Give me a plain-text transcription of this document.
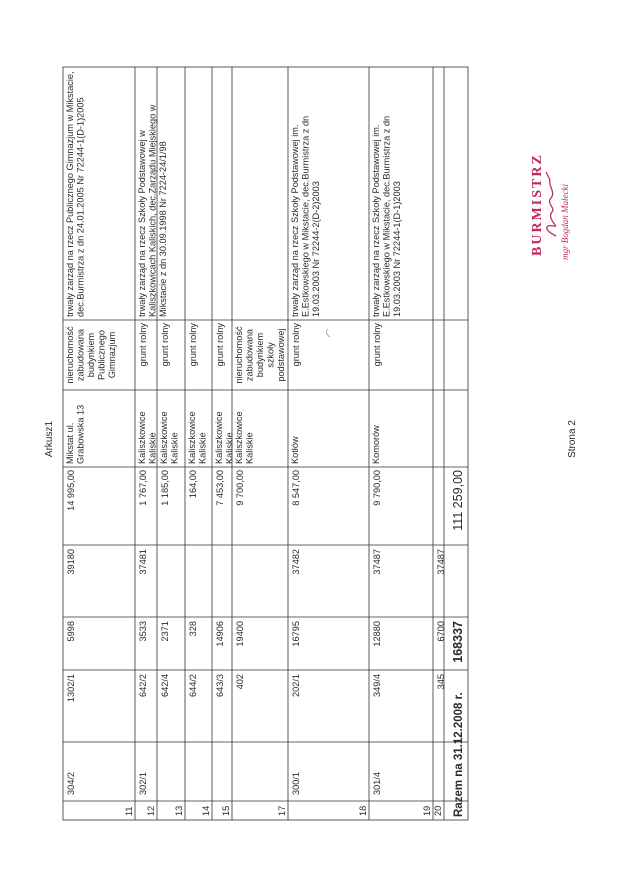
11
304/2
1302/1
5998
39180
14 995,00
Mikstat ul.Grabowska 13
nieruchomośćzabudowanabudynkiemPublicznegoGimnazjum
trwały zarząd na rzecz Publicznego Gimnazjum w Mikstacie,dec.Burmistrza z dn 24.01.2005 Nr 72244-1(D-1)2005
12
302/1
642/2
3533
37481
1 767,00
KaliszkowiceKaliskie
grunt rolny
trwały zarząd na rzecz Szkoły Podstawowej wKaliszkowicach Kaliskich, dec.Zarządu Miejskiego wMikstacie z dn 30.09.1998 Nr 7224-24/1/98
13
642/4
2371
1 185,00
KaliszkowiceKaliskie
grunt rolny
14
644/2
328
164,00
KaliszkowiceKaliskie
grunt rolny
15
643/3
14906
7 453,00
KaliszkowiceKaliskie
grunt rolny
17
402
19400
9 700,00
KaliszkowiceKaliskie
nieruchomośćzabudowanabudynkiemszkołypodstawowej
18
300/1
202/1
16795
37482
8 547,00
Kotłów
grunt rolny
trwały zarząd na rzecz Szkoły Podstawowej im.E.Estkowskiego w Mikstacie, dec.Burmistrza z dn19.03.2003 Nr 72244-2(D-2)2003
19
301/4
349/4
12880
37487
9 790,00
Komorów
grunt rolny
trwały zarząd na rzecz Szkoły Podstawowej im.E.Estkowskiego w Mikstacie, dec.Burmistrza z dn19.03.2003 Nr 72244-1(D-1)2003
20
345
6700
37487
Razem na 31.12.2008 r.
168337
111 259,00
Arkusz1	Strona 2
BURMISTRZ mgr Bogdan Małecki
